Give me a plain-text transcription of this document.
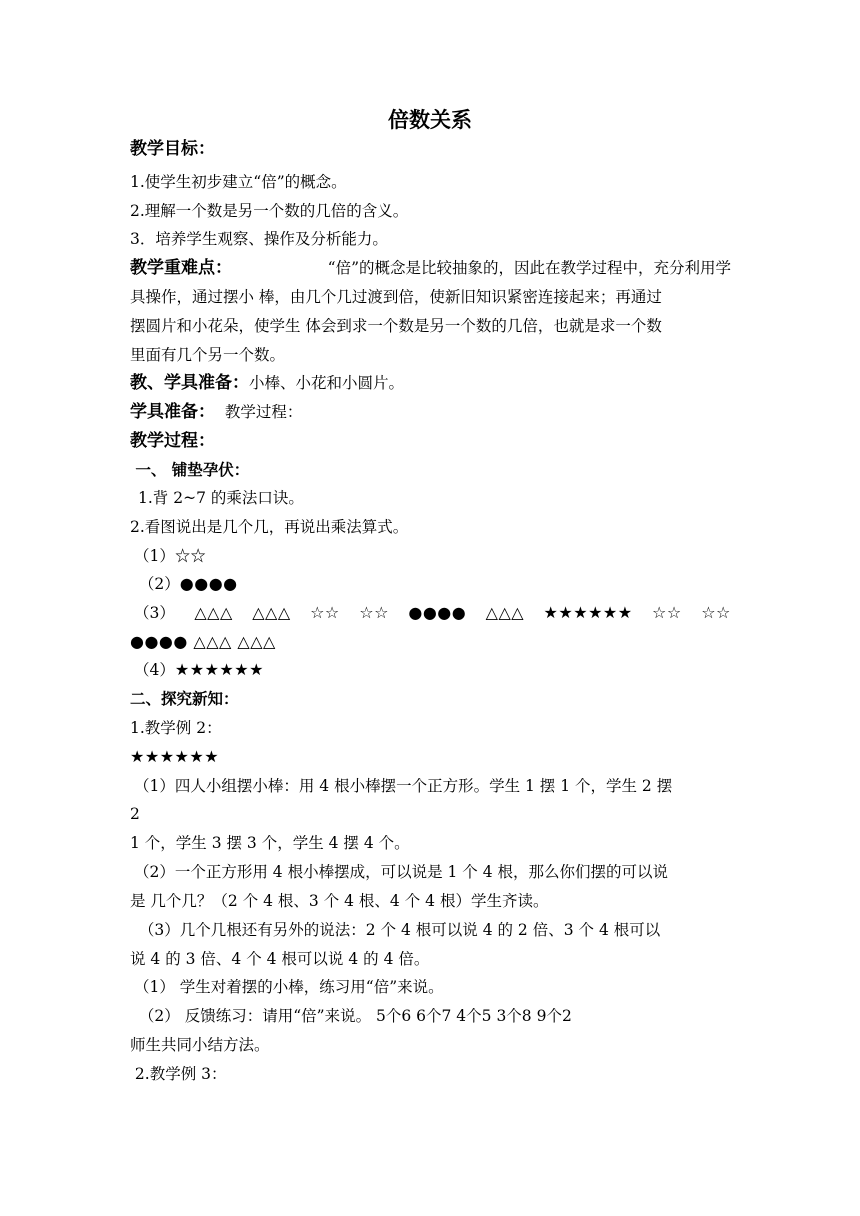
倍数关系
教学目标：
1.使学生初步建立“倍”的概念。
2.理解一个数是另一个数的几倍的含义。
3．培养学生观察、操作及分析能力。
教学重难点：	“倍”的概念是比较抽象的，因此在教学过程中，充分利用学
具操作，通过摆小 棒，由几个几过渡到倍，使新旧知识紧密连接起来；再通过
摆圆片和小花朵，使学生 体会到求一个数是另一个数的几倍，也就是求一个数
里面有几个另一个数。
教、学具准备：小棒、小花和小圆片。
学具准备：  教学过程：
教学过程：
一、 铺垫孕伏：
1.背 2~7 的乘法口诀。
2.看图说出是几个几，再说出乘法算式。
（1）☆☆
（2）●●●●
（3） △△△ △△△ ☆☆ ☆☆ ●●●● △△△ ★★★★★★ ☆☆ ☆☆
●●●● △△△ △△△
（4）★★★★★★
二、探究新知：
1.教学例 2：
★★★★★★
（1）四人小组摆小棒：用 4 根小棒摆一个正方形。学生 1 摆 1 个，学生 2 摆
2
1 个，学生 3 摆 3 个，学生 4 摆 4 个。
（2）一个正方形用 4 根小棒摆成，可以说是 1 个 4 根，那么你们摆的可以说
是 几个几？（2 个 4 根、3 个 4 根、4 个 4 根）学生齐读。
（3）几个几根还有另外的说法：2 个 4 根可以说 4 的 2 倍、3 个 4 根可以
说 4 的 3 倍、4 个 4 根可以说 4 的 4 倍。
（1） 学生对着摆的小棒，练习用“倍”来说。
（2） 反馈练习：请用“倍”来说。 5个6 6个7 4个5 3个8 9个2
师生共同小结方法。
2.教学例 3：
